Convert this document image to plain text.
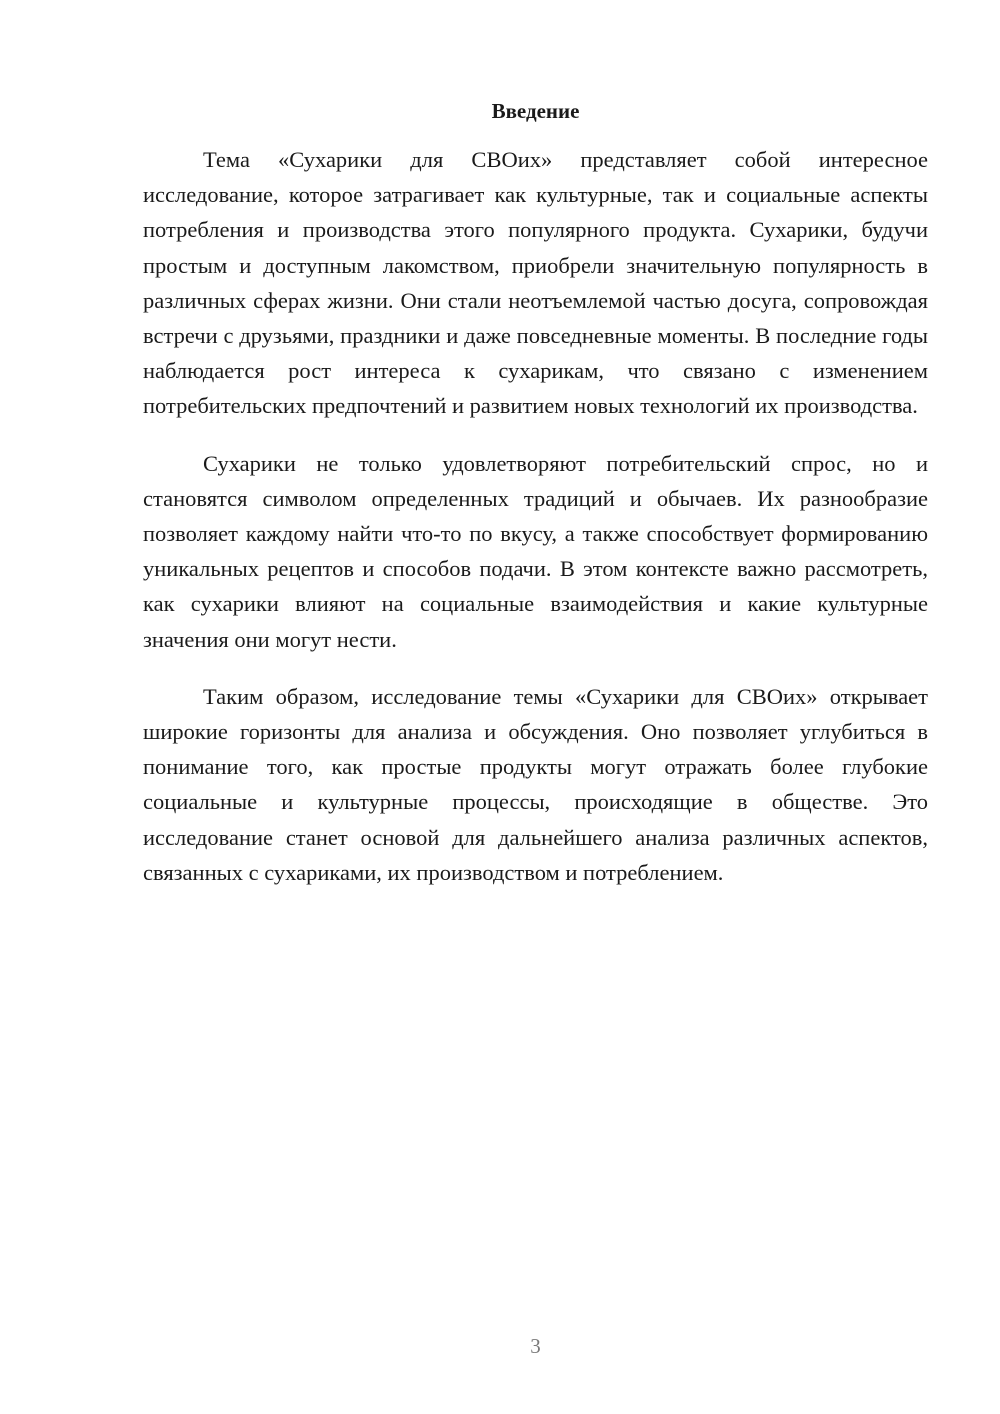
Введение

Тема «Сухарики для СВОих» представляет собой интересное исследование, которое затрагивает как культурные, так и социальные аспекты потребления и производства этого популярного продукта. Сухарики, будучи простым и доступным лакомством, приобрели значительную популярность в различных сферах жизни. Они стали неотъемлемой частью досуга, сопровождая встречи с друзьями, праздники и даже повседневные моменты. В последние годы наблюдается рост интереса к сухарикам, что связано с изменением потребительских предпочтений и развитием новых технологий их производства.

Сухарики не только удовлетворяют потребительский спрос, но и становятся символом определенных традиций и обычаев. Их разнообразие позволяет каждому найти что-то по вкусу, а также способствует формированию уникальных рецептов и способов подачи. В этом контексте важно рассмотреть, как сухарики влияют на социальные взаимодействия и какие культурные значения они могут нести.

Таким образом, исследование темы «Сухарики для СВОих» открывает широкие горизонты для анализа и обсуждения. Оно позволяет углубиться в понимание того, как простые продукты могут отражать более глубокие социальные и культурные процессы, происходящие в обществе. Это исследование станет основой для дальнейшего анализа различных аспектов, связанных с сухариками, их производством и потреблением.

3
